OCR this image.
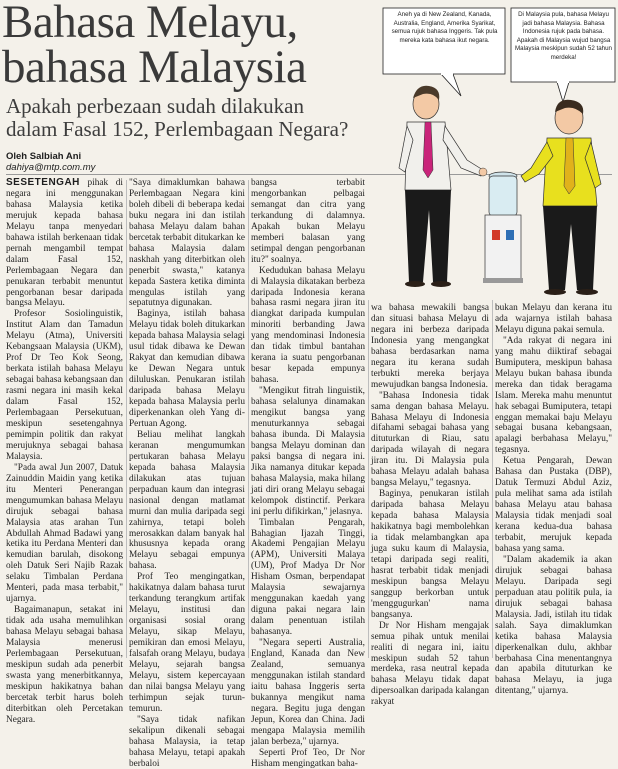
Bahasa Melayu,
bahasa Malaysia
Apakah perbezaan sudah dilakukan
dalam Fasal 152, Perlembagaan Negara?
Oleh Salbiah Ani
dahiya@mtp.com.my
Aneh ya di New Zealand, Kanada, Australia, England, Amerika Syarikat, semua rujuk bahasa Inggeris. Tak pula mereka kata bahasa ikut negara.
Di Malaysia pula, bahasa Melayu jadi bahasa Malaysia. Bahasa Indonesia rujuk pada bahasa. Apakah di Malaysia wujud bangsa Malaysia meskipun sudah 52 tahun merdeka!

SESETENGAH pihak di negara ini menggunakan bahasa Malaysia ketika merujuk kepada bahasa Melayu tanpa menyedari bahawa istilah berkenaan tidak pernah mengambil tempat dalam Fasal 152, Perlembagaan Negara dan penukaran terbabit menuntut pengorbanan besar daripada bangsa Melayu.

Profesor Sosiolinguistik, Institut Alam dan Tamadun Melayu (Atma), Universiti Kebangsaan Malaysia (UKM), Prof Dr Teo Kok Seong, berkata istilah bahasa Melayu sebagai bahasa kebangsaan dan rasmi negara ini masih kekal dalam Fasal 152, Perlembagaan Persekutuan, meskipun sesetengahnya pemimpin politik dan rakyat merujuknya sebagai bahasa Malaysia.

"Pada awal Jun 2007, Datuk Zainuddin Maidin yang ketika itu Menteri Penerangan mengumumkan bahasa Melayu dirujuk sebagai bahasa Malaysia atas arahan Tun Abdullah Ahmad Badawi yang ketika itu Perdana Menteri dan kemudian barulah, disokong oleh Datuk Seri Najib Razak selaku Timbalan Perdana Menteri, pada masa terbabit," ujarnya.

Bagaimanapun, setakat ini tidak ada usaha memulihkan bahasa Melayu sebagai bahasa Malaysia menerusi Perlembagaan Persekutuan, meskipun sudah ada penerbit swasta yang menerbitkannya, meskipun hakikatnya bahan bercetak terbit harus boleh diterbitkan oleh Percetakan Negara.

"Saya dimaklumkan bahawa Perlembagaan Negara kini boleh dibeli di beberapa kedai buku negara ini dan istilah bahasa Melayu dalam bahan bercetak terbabit ditukarkan ke bahasa Malaysia dalam naskhah yang diterbitkan oleh penerbit swasta," katanya kepada Sastera ketika diminta mengulas istilah yang sepatutnya digunakan.

Baginya, istilah bahasa Melayu tidak boleh ditukarkan kepada bahasa Malaysia selagi usul tidak dibawa ke Dewan Rakyat dan kemudian dibawa ke Dewan Negara untuk diluluskan. Penukaran istilah daripada bahasa Melayu kepada bahasa Malaysia perlu diperkenankan oleh Yang di-Pertuan Agong.

Beliau melihat langkah keranan mengumumkan pertukaran bahasa Melayu kepada bahasa Malaysia dilakukan atas tujuan perpaduan kaum dan integrasi nasional dengan matlamat murni dan mulia daripada segi zahirnya, tetapi boleh merosakkan dalam banyak hal khususnya kepada orang Melayu sebagai empunya bahasa.

Prof Teo mengingatkan, hakikatnya dalam bahasa turut terkandung terangkum artifak Melayu, institusi dan organisasi sosial orang Melayu, sikap Melayu, pemikiran dan emosi Melayu, falsafah orang Melayu, budaya Melayu, sejarah bangsa Melayu, sistem kepercayaan dan nilai bangsa Melayu yang terhimpun sejak turun-temurun.

"Saya tidak nafikan sekalipun dikenali sebagai bahasa Malaysia, ia tetap bahasa Melayu, tetapi apakah berbaloi

bangsa terbabit mengorbankan pelbagai semangat dan citra yang terkandung di dalamnya. Apakah bukan Melayu memberi balasan yang setimpal dengan pengorbanan itu?" soalnya.

Kedudukan bahasa Melayu di Malaysia dikatakan berbeza daripada Indonesia kerana bahasa rasmi negara jiran itu diangkat daripada kumpulan minoriti berbanding Jawa yang mendominasi Indonesia dan tidak timbul bantahan kerana ia suatu pengorbanan besar kepada empunya bahasa.

"Mengikut fitrah linguistik, bahasa selalunya dinamakan mengikut bangsa yang menuturkannya sebagai bahasa ibunda. Di Malaysia bangsa Melayu dominan dan paksi bangsa di negara ini. Jika namanya ditukar kepada bahasa Malaysia, maka hilang jati diri orang Melayu sebagai kelompok distinctif. Perkara ini perlu difikirkan," jelasnya.

Timbalan Pengarah, Bahagian Ijazah Tinggi, Akademi Pengajian Melayu (APM), Universiti Malaya (UM), Prof Madya Dr Nor Hisham Osman, berpendapat Malaysia sewajarnya menggunakan kaedah yang diguna pakai negara lain dalam penentuan istilah bahasanya.

"Negara seperti Australia, England, Kanada dan New Zealand, semuanya menggunakan istilah standard iaitu bahasa Inggeris serta bukannya mengikut nama negara. Begitu juga dengan Jepun, Korea dan China. Jadi mengapa Malaysia memilih jalan berbeza," ujarnya.

Seperti Prof Teo, Dr Nor Hisham mengingatkan baha-

wa bahasa mewakili bangsa dan situasi bahasa Melayu di negara ini berbeza daripada Indonesia yang mengangkat bahasa berdasarkan nama negara itu kerana sudah terbukti mereka berjaya mewujudkan bangsa Indonesia.

"Bahasa Indonesia tidak sama dengan bahasa Melayu. Bahasa Melayu di Indonesia difahami sebagai bahasa yang dituturkan di Riau, satu daripada wilayah di negara jiran itu. Di Malaysia pula bahasa Melayu adalah bahasa bangsa Melayu," tegasnya.

Baginya, penukaran istilah daripada bahasa Melayu kepada bahasa Malaysia hakikatnya bagi membolehkan ia tidak melambangkan apa juga suku kaum di Malaysia, tetapi daripada segi realiti, hasrat terbabit tidak menjadi meskipun bangsa Melayu sanggup berkorban untuk 'menggugurkan' nama bangsanya.

Dr Nor Hisham mengajak semua pihak untuk menilai realiti di negara ini, iaitu meskipun sudah 52 tahun merdeka, rasa neutral kepada bahasa Melayu tidak dapat dipersoalkan daripada kalangan rakyat

bukan Melayu dan kerana itu ada wajarnya istilah bahasa Melayu diguna pakai semula.

"Ada rakyat di negara ini yang mahu diiktiraf sebagai Bumiputera, meskipun bahasa Melayu bukan bahasa ibunda mereka dan tidak beragama Islam. Mereka mahu menuntut hak sebagai Bumiputera, tetapi enggan memakai baju Melayu sebagai busana kebangsaan, apalagi berbahasa Melayu," tegasnya.

Ketua Pengarah, Dewan Bahasa dan Pustaka (DBP), Datuk Termuzi Abdul Aziz, pula melihat sama ada istilah bahasa Melayu atau bahasa Malaysia tidak menjadi soal kerana kedua-dua bahasa terbabit, merujuk kepada bahasa yang sama.

"Dalam akademik ia akan dirujuk sebagai bahasa Melayu. Daripada segi perpaduan atau politik pula, ia dirujuk sebagai bahasa Malaysia. Jadi, istilah itu tidak salah. Saya dimaklumkan ketika bahasa Malaysia diperkenalkan dulu, akhbar berbahasa Cina menentangnya dan apabila dituturkan ke bahasa Melayu, ia juga ditentang," ujarnya.
